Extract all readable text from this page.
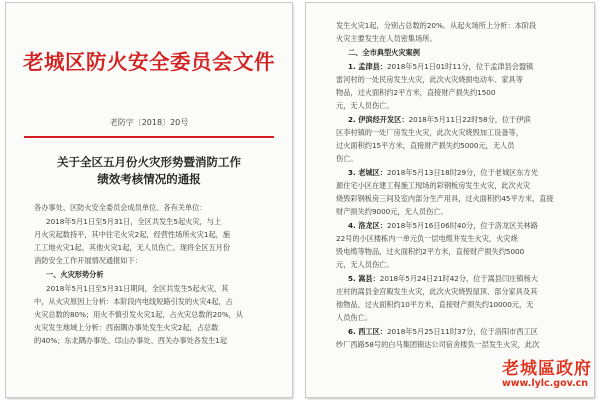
老城区防火安全委员会文件
老防字〔2018〕20号
关于全区五月份火灾形势暨消防工作
绩效考核情况的通报
各办事处、区防火安全委员会成员单位、各有关单位：
2018年5月1日至5月31日，全区共发生5起火灾，与上
月火灾起数持平，其中住宅火灾2起，经营性场所火灾1起，施
工工地火灾1起，其他火灾1起，无人员伤亡。现将全区五月份
消防安全工作开展情况通报如下：
一、火灾形势分析
2018年5月1日至5月31日期间，全区共发生5起火灾，其
中，从火灾原因上分析：本阶段内电线短路引发的火灾4起，占
火灾总数的80%；用火不慎引发火灾1起，占火灾总数的20%，从
火灾发生地域上分析：西南隅办事处发生火灾2起，占总数
的40%；东北隅办事处、邙山办事处、西关办事处各发生1起
发生火灾1起，分别占总数的20%。从起火场所上分析：本阶段
火灾主要发生在人员密集场所。
二、全市典型火灾案例
1. 孟津县：2018年5月1日01时11分，位于孟津县会盟镇
雷河村的一处民房发生火灾，此次火灾烧损电动车、家具等
物品，过火面积约2平方米，直接财产损失约1500
元，无人员伤亡。
2. 伊滨经开发区：2018年5月11日22时58分，位于伊滨
区李村镇的一处厂房发生火灾，此次火灾烧毁加工设备等，
过火面积约15平方米，直接财产损失约5000元，无人员
伤亡。
3. 老城区：2018年5月13日18时29分，位于老城区东方光
源住宅小区在建工程施工现场的彩钢板房发生火灾，此次火灾
烧毁彩钢板房三间及室内部分生产用具，过火面积约45平方米，直接
财产损失约9000元，无人员伤亡。
4. 洛龙区：2018年5月16日06时40分，位于洛龙区关林路
22号的小区楼栋内一单元负一层电缆井发生火灾，火灾烧
毁电缆等物品，过火面积约2平方米，直接财产损失约5000
元，无人员伤亡。
5. 嵩县：2018年5月24日21时42分，位于嵩县闫庄镇杨大
庄村的嵩县金宫殿发生火灾，此次火灾烧毁屋顶、部分家具及其
他物品，过火面积约10平方米，直接财产损失约10000元，无
人员伤亡。
6. 西工区：2018年5月25日11时37分，位于洛阳市西工区
纱厂西路58号的白马集团锦达公司宿舍楼负一层发生火灾，此次
老城區政府
www.lylc.gov.cn
